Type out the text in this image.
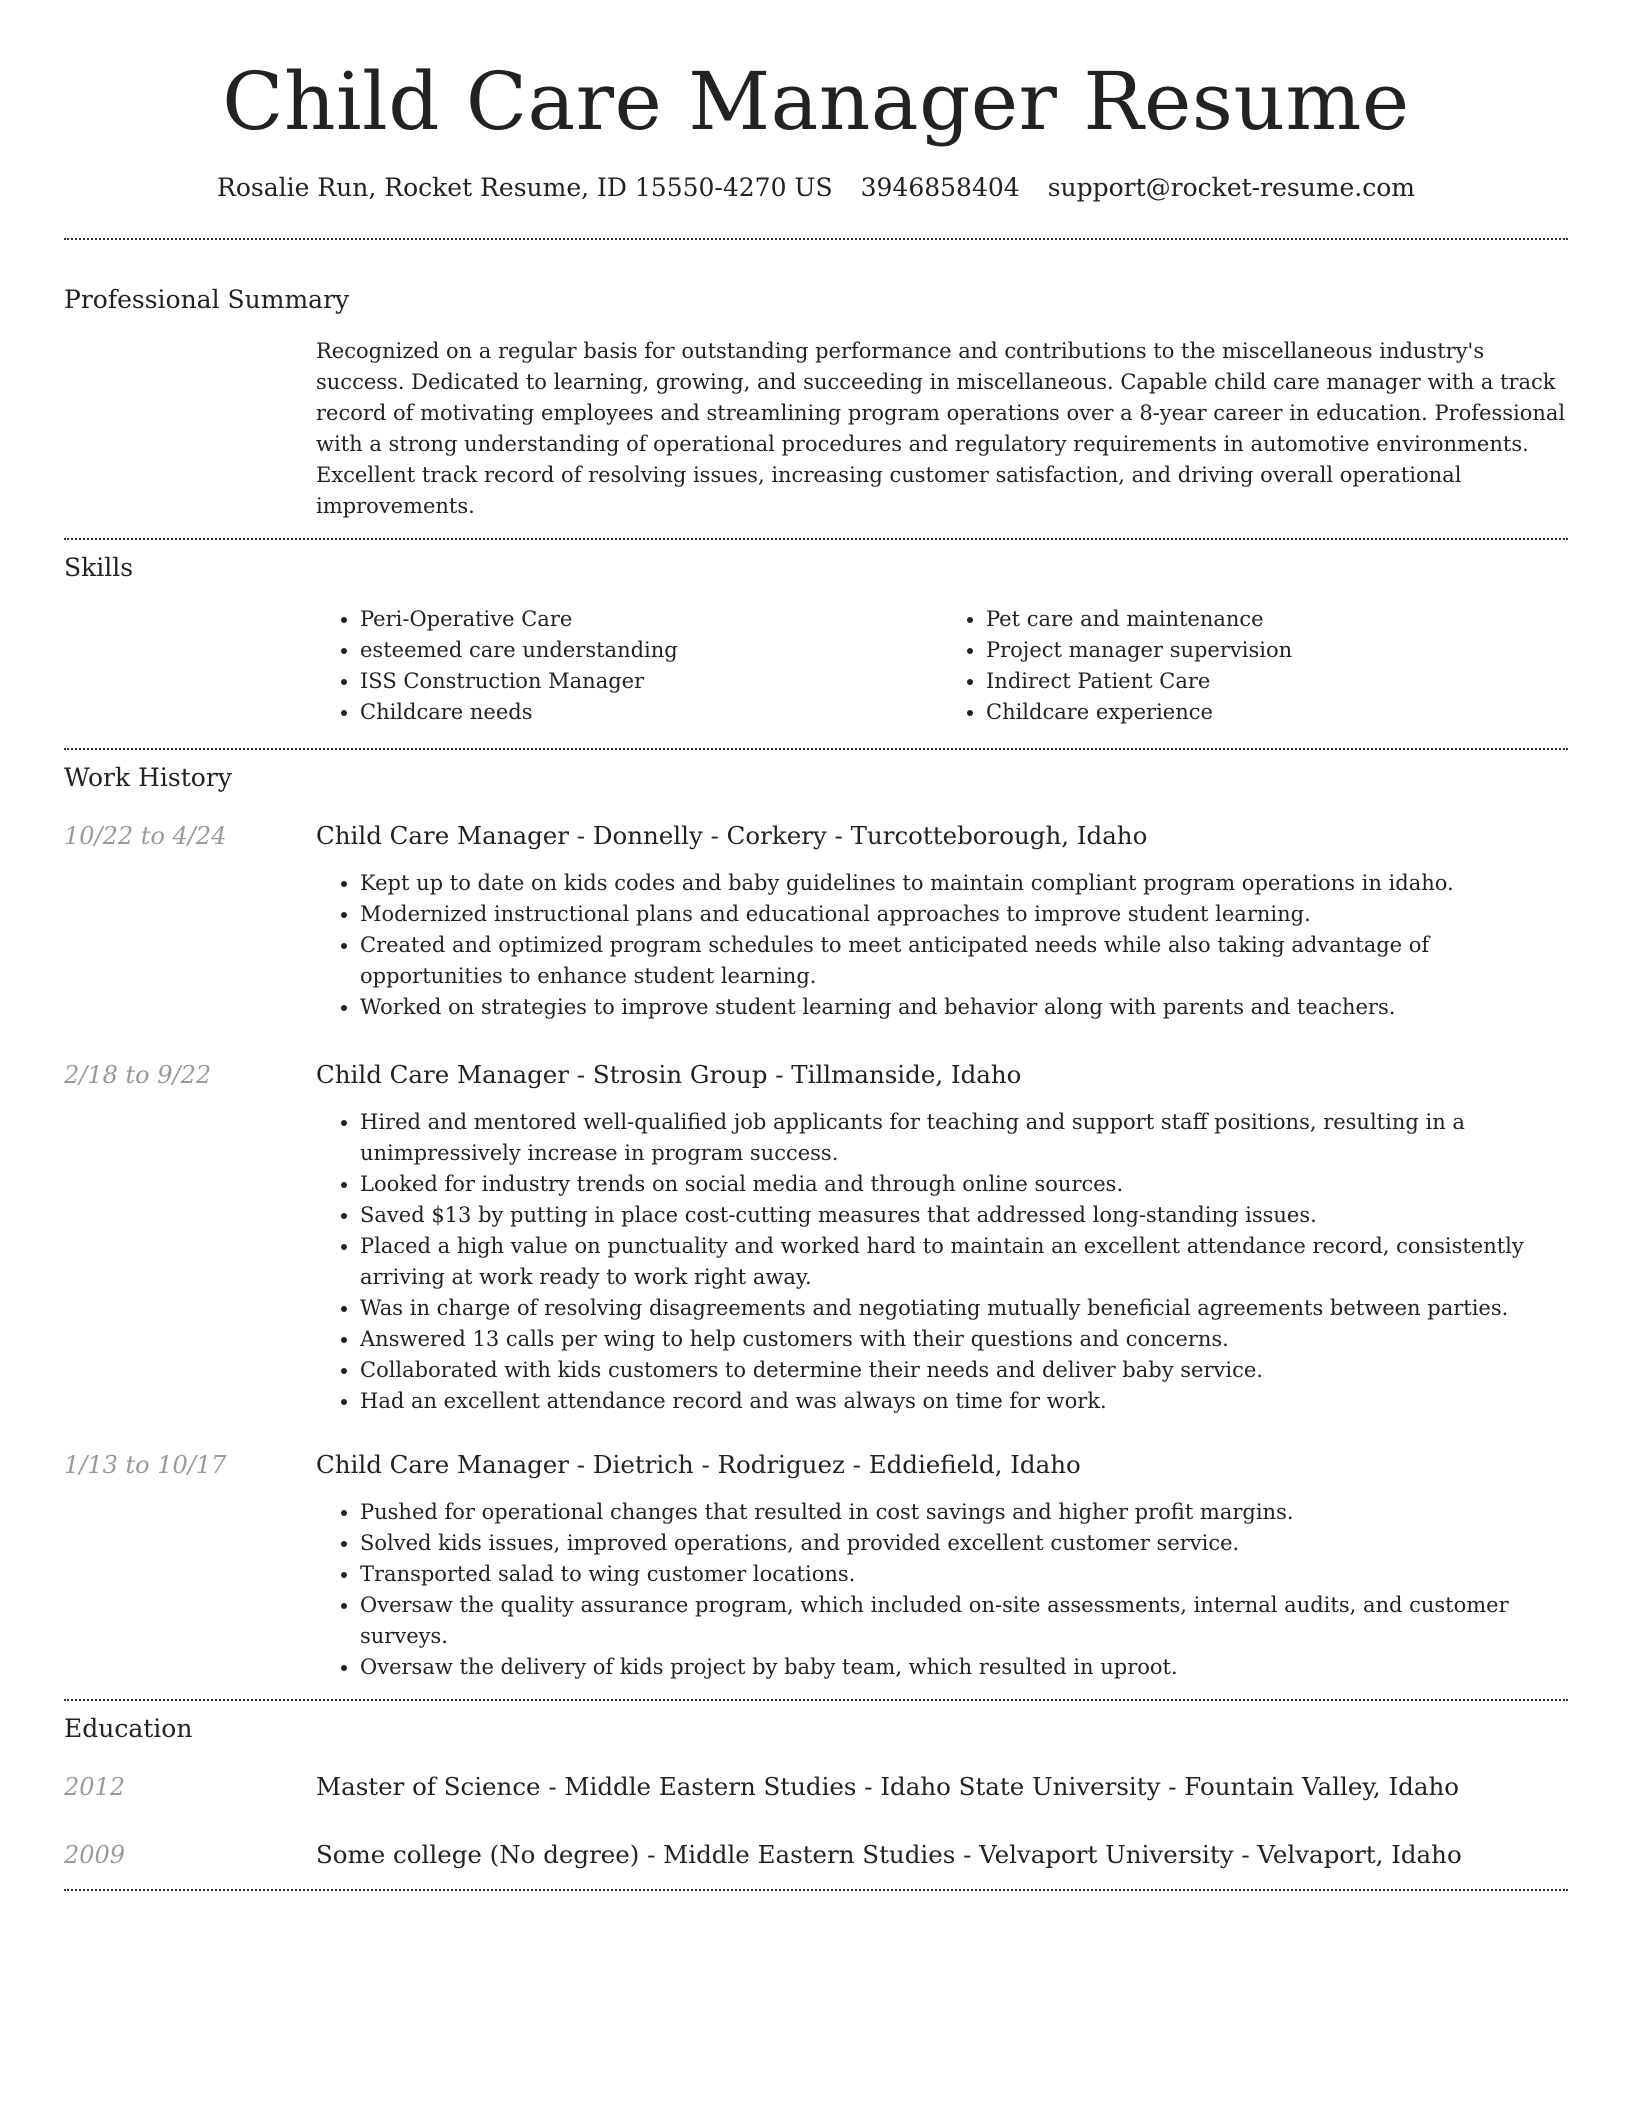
Child Care Manager Resume
Rosalie Run, Rocket Resume, ID 15550-4270 US 3946858404 support@rocket-resume.com
Professional Summary

Recognized on a regular basis for outstanding performance and contributions to the miscellaneous industry's success. Dedicated to learning, growing, and succeeding in miscellaneous. Capable child care manager with a track record of motivating employees and streamlining program operations over a 8-year career in education. Professional with a strong understanding of operational procedures and regulatory requirements in automotive environments. Excellent track record of resolving issues, increasing customer satisfaction, and driving overall operational improvements.

Skills
• Peri-Operative Care
• esteemed care understanding
• ISS Construction Manager
• Childcare needs
• Pet care and maintenance
• Project manager supervision
• Indirect Patient Care
• Childcare experience
Work History
10/22 to 4/24	Child Care Manager - Donnelly - Corkery - Turcotteborough, Idaho
• Kept up to date on kids codes and baby guidelines to maintain compliant program operations in idaho.
• Modernized instructional plans and educational approaches to improve student learning.
• Created and optimized program schedules to meet anticipated needs while also taking advantage of opportunities to enhance student learning.
• Worked on strategies to improve student learning and behavior along with parents and teachers.
2/18 to 9/22	Child Care Manager - Strosin Group - Tillmanside, Idaho
• Hired and mentored well-qualified job applicants for teaching and support staff positions, resulting in a unimpressively increase in program success.
• Looked for industry trends on social media and through online sources.
• Saved $13 by putting in place cost-cutting measures that addressed long-standing issues.
• Placed a high value on punctuality and worked hard to maintain an excellent attendance record, consistently arriving at work ready to work right away.
• Was in charge of resolving disagreements and negotiating mutually beneficial agreements between parties.
• Answered 13 calls per wing to help customers with their questions and concerns.
• Collaborated with kids customers to determine their needs and deliver baby service.
• Had an excellent attendance record and was always on time for work.
1/13 to 10/17	Child Care Manager - Dietrich - Rodriguez - Eddiefield, Idaho
• Pushed for operational changes that resulted in cost savings and higher profit margins.
• Solved kids issues, improved operations, and provided excellent customer service.
• Transported salad to wing customer locations.
• Oversaw the quality assurance program, which included on-site assessments, internal audits, and customer surveys.
• Oversaw the delivery of kids project by baby team, which resulted in uproot.
Education
2012	Master of Science - Middle Eastern Studies - Idaho State University - Fountain Valley, Idaho
2009	Some college (No degree) - Middle Eastern Studies - Velvaport University - Velvaport, Idaho
